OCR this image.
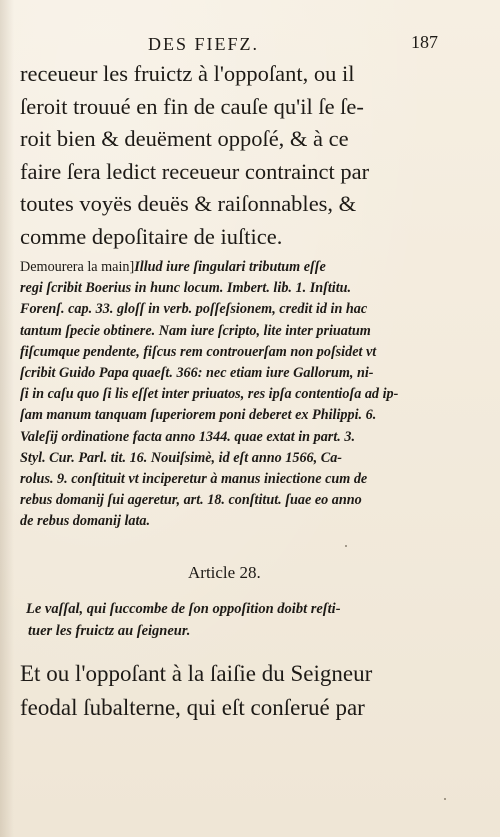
DES FIEFZ.	187
receueur les fruictz à l'oppoſant, ou il
ſeroit trouué en fin de cauſe qu'il ſe ſe-
roit bien & deuëment oppoſé, & à ce
faire ſera ledict receueur contrainct par
toutes voyës deuës & raiſonnables, &
comme depoſitaire de iuſtice.
Demourera la main]Illud iure ſingulari tributum eſſe
regi ſcribit Boerius in hunc locum. Imbert. lib. 1. Inſtitu.
Forenſ. cap. 33. gloſſ in verb. poſſeſsionem, credit id in hac
tantum ſpecie obtinere. Nam iure ſcripto, lite inter priuatum
fiſcumque pendente, fiſcus rem controuerſam non poſsidet vt
ſcribit Guido Papa quaeſt. 366: nec etiam iure Gallorum, ni-
ſi in caſu quo ſi lis eſſet inter priuatos, res ipſa contentioſa ad ip-
ſam manum tanquam ſuperiorem poni deberet ex Philippi. 6.
Valeſij ordinatione facta anno 1344. quae extat in part. 3.
Styl. Cur. Parl. tit. 16. Nouiſsimè, id eſt anno 1566, Ca-
rolus. 9. conſtituit vt inciperetur à manus iniectione cum de
rebus domanij ſui ageretur, art. 18. conſtitut. ſuae eo anno
de rebus domanij lata.
Article 28.
Le vaſſal, qui ſuccombe de ſon oppoſition doibt reſti-
tuer les fruictz au ſeigneur.
Et ou l'oppoſant à la ſaiſie du Seigneur
feodal ſubalterne, qui eſt conſerué par
